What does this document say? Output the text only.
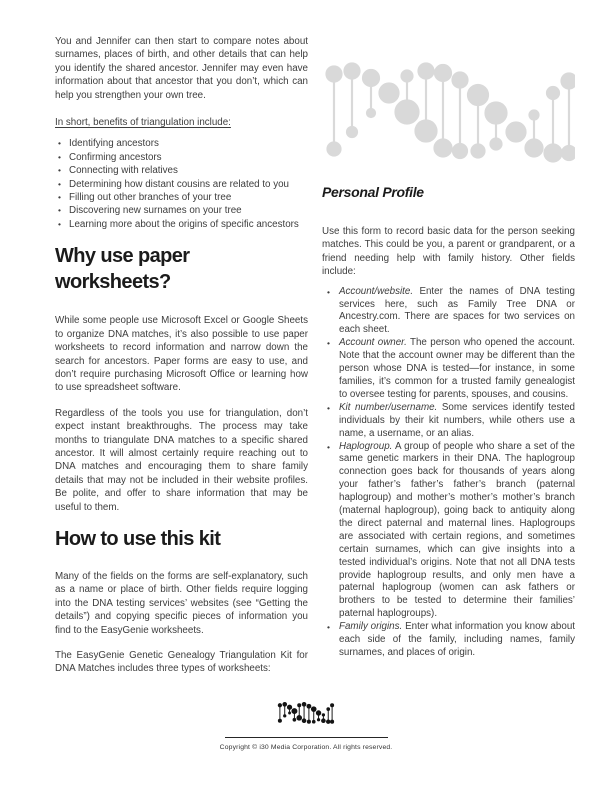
You and Jennifer can then start to compare notes about surnames, places of birth, and other details that can help you identify the shared ancestor. Jennifer may even have information about that ancestor that you don’t, which can help you strengthen your own tree.

In short, benefits of triangulation include:

• Identifying ancestors
• Confirming ancestors
• Connecting with relatives
• Determining how distant cousins are related to you
• Filling out other branches of your tree
• Discovering new surnames on your tree
• Learning more about the origins of specific ancestors
Why use paper worksheets?

While some people use Microsoft Excel or Google Sheets to organize DNA matches, it’s also possible to use paper worksheets to record information and narrow down the search for ancestors. Paper forms are easy to use, and don’t require purchasing Microsoft Office or learning how to use spreadsheet software.

Regardless of the tools you use for triangulation, don’t expect instant breakthroughs. The process may take months to triangulate DNA matches to a specific shared ancestor. It will almost certainly require reaching out to DNA matches and encouraging them to share family details that may not be included in their website profiles. Be polite, and offer to share information that may be useful to them.

How to use this kit

Many of the fields on the forms are self-explanatory, such as a name or place of birth. Other fields require logging into the DNA testing services’ websites (see “Getting the details”) and copying specific pieces of information you find to the EasyGenie worksheets.

The EasyGenie Genetic Genealogy Triangulation Kit for DNA Matches includes three types of worksheets:

Personal Profile

Use this form to record basic data for the person seeking matches. This could be you, a parent or grandparent, or a friend needing help with family history. Other fields include:

• Account/website. Enter the names of DNA testing services here, such as Family Tree DNA or Ancestry.com. There are spaces for two services on each sheet.
• Account owner. The person who opened the account. Note that the account owner may be different than the person whose DNA is tested—for instance, in some families, it’s common for a trusted family genealogist to oversee testing for parents, spouses, and cousins.
• Kit number/username. Some services identify tested individuals by their kit numbers, while others use a name, a username, or an alias.
• Haplogroup. A group of people who share a set of the same genetic markers in their DNA. The haplogroup connection goes back for thousands of years along your father’s father’s father’s branch (paternal haplogroup) and mother’s mother’s mother’s branch (maternal haplogroup), going back to antiquity along the direct paternal and maternal lines. Haplogroups are associated with certain regions, and sometimes certain surnames, which can give insights into a tested individual’s origins. Note that not all DNA tests provide haplogroup results, and only men have a paternal haplogroup (women can ask fathers or brothers to be tested to determine their families’ paternal haplogroups).
• Family origins. Enter what information you know about each side of the family, including names, family surnames, and places of origin.
Copyright © i30 Media Corporation. All rights reserved.
